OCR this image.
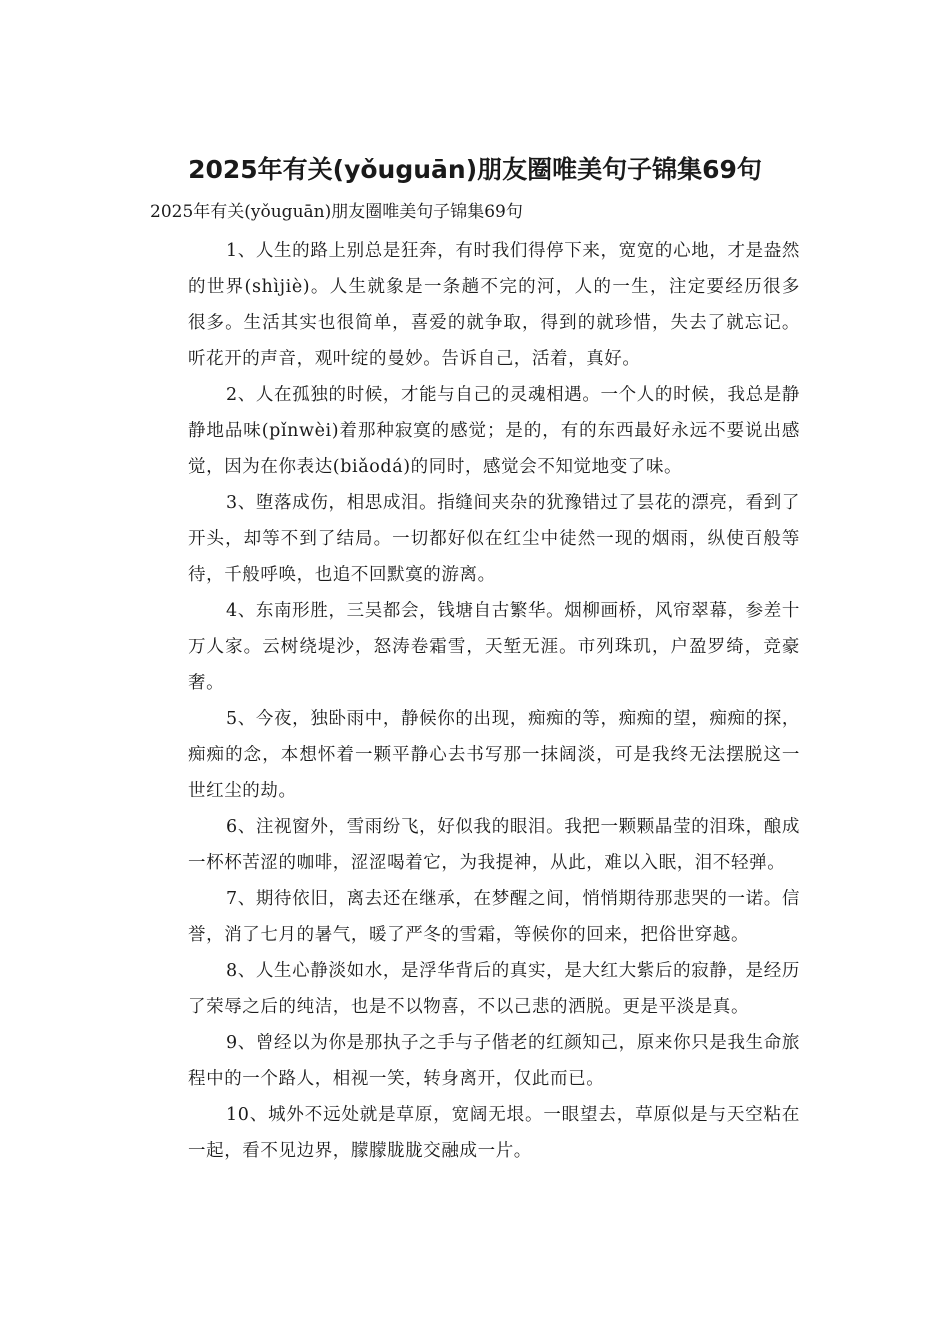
2025年有关(yǒuguān)朋友圈唯美句子锦集69句

2025年有关(yǒuguān)朋友圈唯美句子锦集69句

1、人生的路上别总是狂奔，有时我们得停下来，宽宽的心地，才是盎然
的世界(shìjiè)。人生就象是一条趟不完的河，人的一生，注定要经历很多
很多。生活其实也很简单，喜爱的就争取，得到的就珍惜，失去了就忘记。
听花开的声音，观叶绽的曼妙。告诉自己，活着，真好。

2、人在孤独的时候，才能与自己的灵魂相遇。一个人的时候，我总是静
静地品味(pǐnwèi)着那种寂寞的感觉；是的，有的东西最好永远不要说出感
觉，因为在你表达(biǎodá)的同时，感觉会不知觉地变了味。

3、堕落成伤，相思成泪。指缝间夹杂的犹豫错过了昙花的漂亮，看到了
开头，却等不到了结局。一切都好似在红尘中徒然一现的烟雨，纵使百般等
待，千般呼唤，也追不回默寞的游离。

4、东南形胜，三吴都会，钱塘自古繁华。烟柳画桥，风帘翠幕，参差十
万人家。云树绕堤沙，怒涛卷霜雪，天堑无涯。市列珠玑，户盈罗绮，竞豪
奢。

5、今夜，独卧雨中，静候你的出现，痴痴的等，痴痴的望，痴痴的探，
痴痴的念，本想怀着一颗平静心去书写那一抹阔淡，可是我终无法摆脱这一
世红尘的劫。

6、注视窗外，雪雨纷飞，好似我的眼泪。我把一颗颗晶莹的泪珠，酿成
一杯杯苦涩的咖啡，涩涩喝着它，为我提神，从此，难以入眠，泪不轻弹。

7、期待依旧，离去还在继承，在梦醒之间，悄悄期待那悲哭的一诺。信
誉，消了七月的暑气，暖了严冬的雪霜，等候你的回来，把俗世穿越。

8、人生心静淡如水，是浮华背后的真实，是大红大紫后的寂静，是经历
了荣辱之后的纯洁，也是不以物喜，不以己悲的洒脱。更是平淡是真。

9、曾经以为你是那执子之手与子偕老的红颜知己，原来你只是我生命旅
程中的一个路人，相视一笑，转身离开，仅此而已。

10、城外不远处就是草原，宽阔无垠。一眼望去，草原似是与天空粘在
一起，看不见边界，朦朦胧胧交融成一片。
